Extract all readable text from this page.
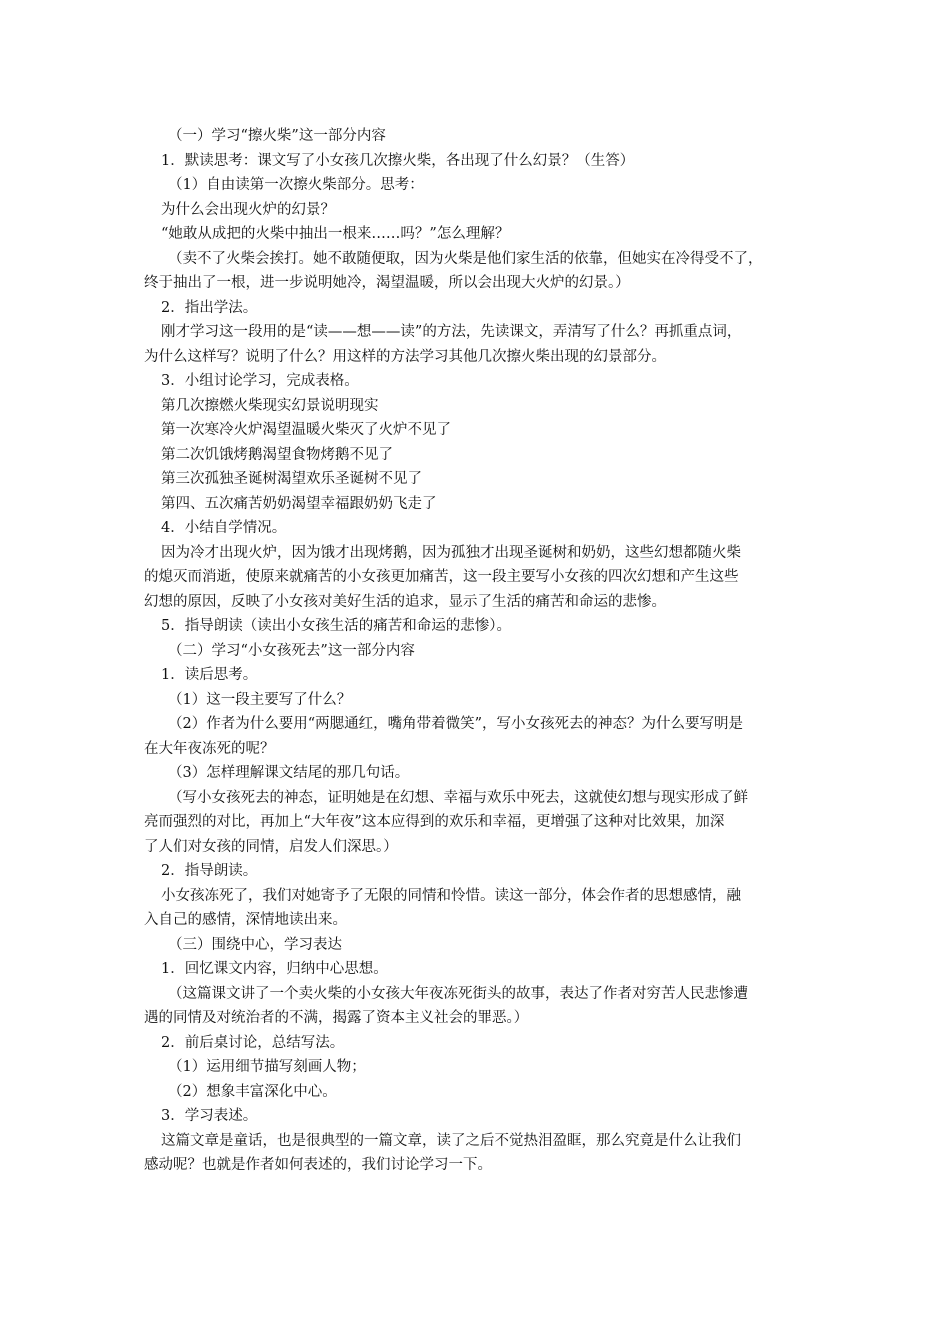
（一）学习“擦火柴”这一部分内容
1．默读思考：课文写了小女孩几次擦火柴，各出现了什么幻景？（生答）
（1）自由读第一次擦火柴部分。思考：
为什么会出现火炉的幻景？
“她敢从成把的火柴中抽出一根来……吗？”怎么理解？
（卖不了火柴会挨打。她不敢随便取，因为火柴是他们家生活的依靠，但她实在冷得受不了，
终于抽出了一根，进一步说明她冷，渴望温暖，所以会出现大火炉的幻景。）
2．指出学法。
刚才学习这一段用的是“读——想——读”的方法，先读课文，弄清写了什么？再抓重点词，
为什么这样写？说明了什么？用这样的方法学习其他几次擦火柴出现的幻景部分。
3．小组讨论学习，完成表格。
第几次擦燃火柴现实幻景说明现实
第一次寒冷火炉渴望温暖火柴灭了火炉不见了
第二次饥饿烤鹅渴望食物烤鹅不见了
第三次孤独圣诞树渴望欢乐圣诞树不见了
第四、五次痛苦奶奶渴望幸福跟奶奶飞走了
4．小结自学情况。
因为冷才出现火炉，因为饿才出现烤鹅，因为孤独才出现圣诞树和奶奶，这些幻想都随火柴
的熄灭而消逝，使原来就痛苦的小女孩更加痛苦，这一段主要写小女孩的四次幻想和产生这些
幻想的原因，反映了小女孩对美好生活的追求，显示了生活的痛苦和命运的悲惨。
5．指导朗读（读出小女孩生活的痛苦和命运的悲惨）。
（二）学习“小女孩死去”这一部分内容
1．读后思考。
（1）这一段主要写了什么？
（2）作者为什么要用“两腮通红，嘴角带着微笑”，写小女孩死去的神态？为什么要写明是
在大年夜冻死的呢？
（3）怎样理解课文结尾的那几句话。
（写小女孩死去的神态，证明她是在幻想、幸福与欢乐中死去，这就使幻想与现实形成了鲜
亮而强烈的对比，再加上“大年夜”这本应得到的欢乐和幸福，更增强了这种对比效果，加深
了人们对女孩的同情，启发人们深思。）
2．指导朗读。
小女孩冻死了，我们对她寄予了无限的同情和怜惜。读这一部分，体会作者的思想感情，融
入自己的感情，深情地读出来。
（三）围绕中心，学习表达
1．回忆课文内容，归纳中心思想。
（这篇课文讲了一个卖火柴的小女孩大年夜冻死街头的故事，表达了作者对穷苦人民悲惨遭
遇的同情及对统治者的不满，揭露了资本主义社会的罪恶。）
2．前后桌讨论，总结写法。
（1）运用细节描写刻画人物；
（2）想象丰富深化中心。
3．学习表述。
这篇文章是童话，也是很典型的一篇文章，读了之后不觉热泪盈眶，那么究竟是什么让我们
感动呢？也就是作者如何表述的，我们讨论学习一下。
